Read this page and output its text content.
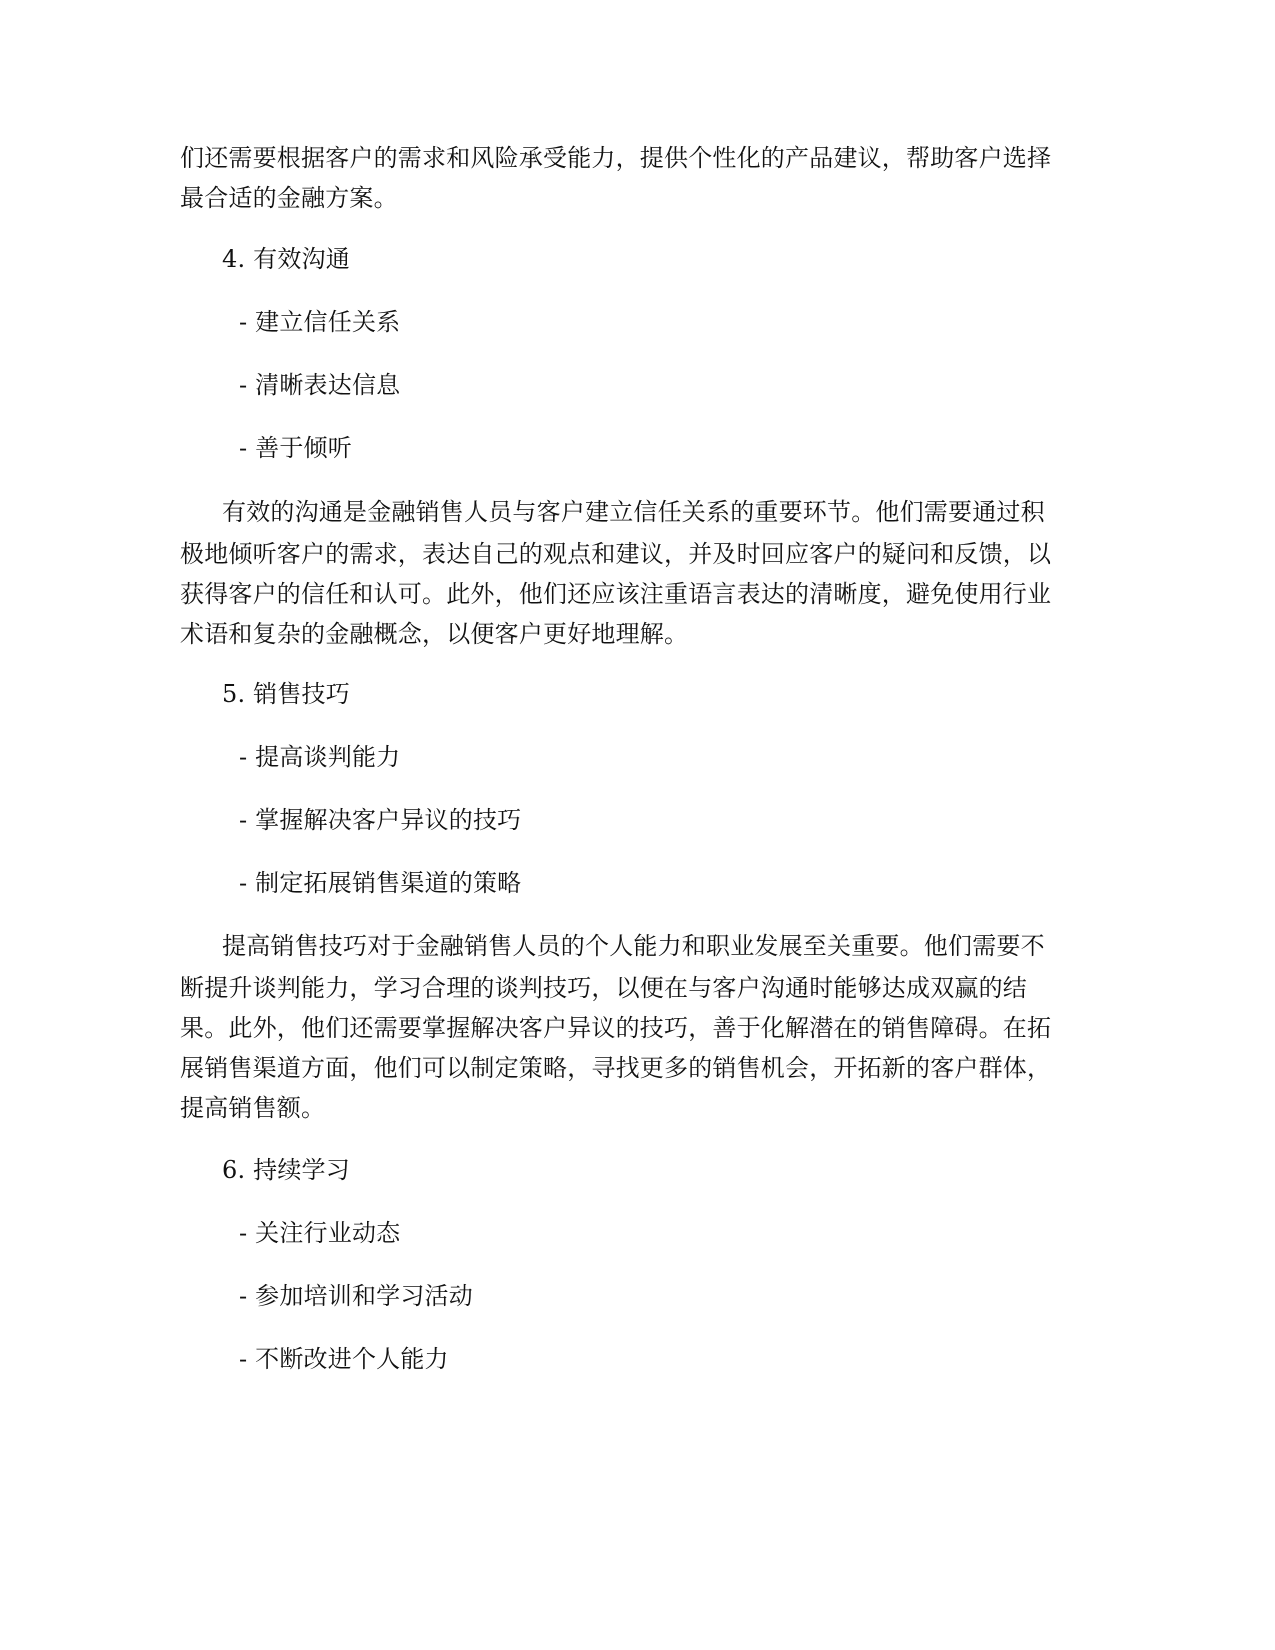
们还需要根据客户的需求和风险承受能力，提供个性化的产品建议，帮助客户选择
最合适的金融方案。
4. 有效沟通
- 建立信任关系
- 清晰表达信息
- 善于倾听
有效的沟通是金融销售人员与客户建立信任关系的重要环节。他们需要通过积
极地倾听客户的需求，表达自己的观点和建议，并及时回应客户的疑问和反馈，以
获得客户的信任和认可。此外，他们还应该注重语言表达的清晰度，避免使用行业
术语和复杂的金融概念，以便客户更好地理解。
5. 销售技巧
- 提高谈判能力
- 掌握解决客户异议的技巧
- 制定拓展销售渠道的策略
提高销售技巧对于金融销售人员的个人能力和职业发展至关重要。他们需要不
断提升谈判能力，学习合理的谈判技巧，以便在与客户沟通时能够达成双赢的结
果。此外，他们还需要掌握解决客户异议的技巧，善于化解潜在的销售障碍。在拓
展销售渠道方面，他们可以制定策略，寻找更多的销售机会，开拓新的客户群体，
提高销售额。
6. 持续学习
- 关注行业动态
- 参加培训和学习活动
- 不断改进个人能力
